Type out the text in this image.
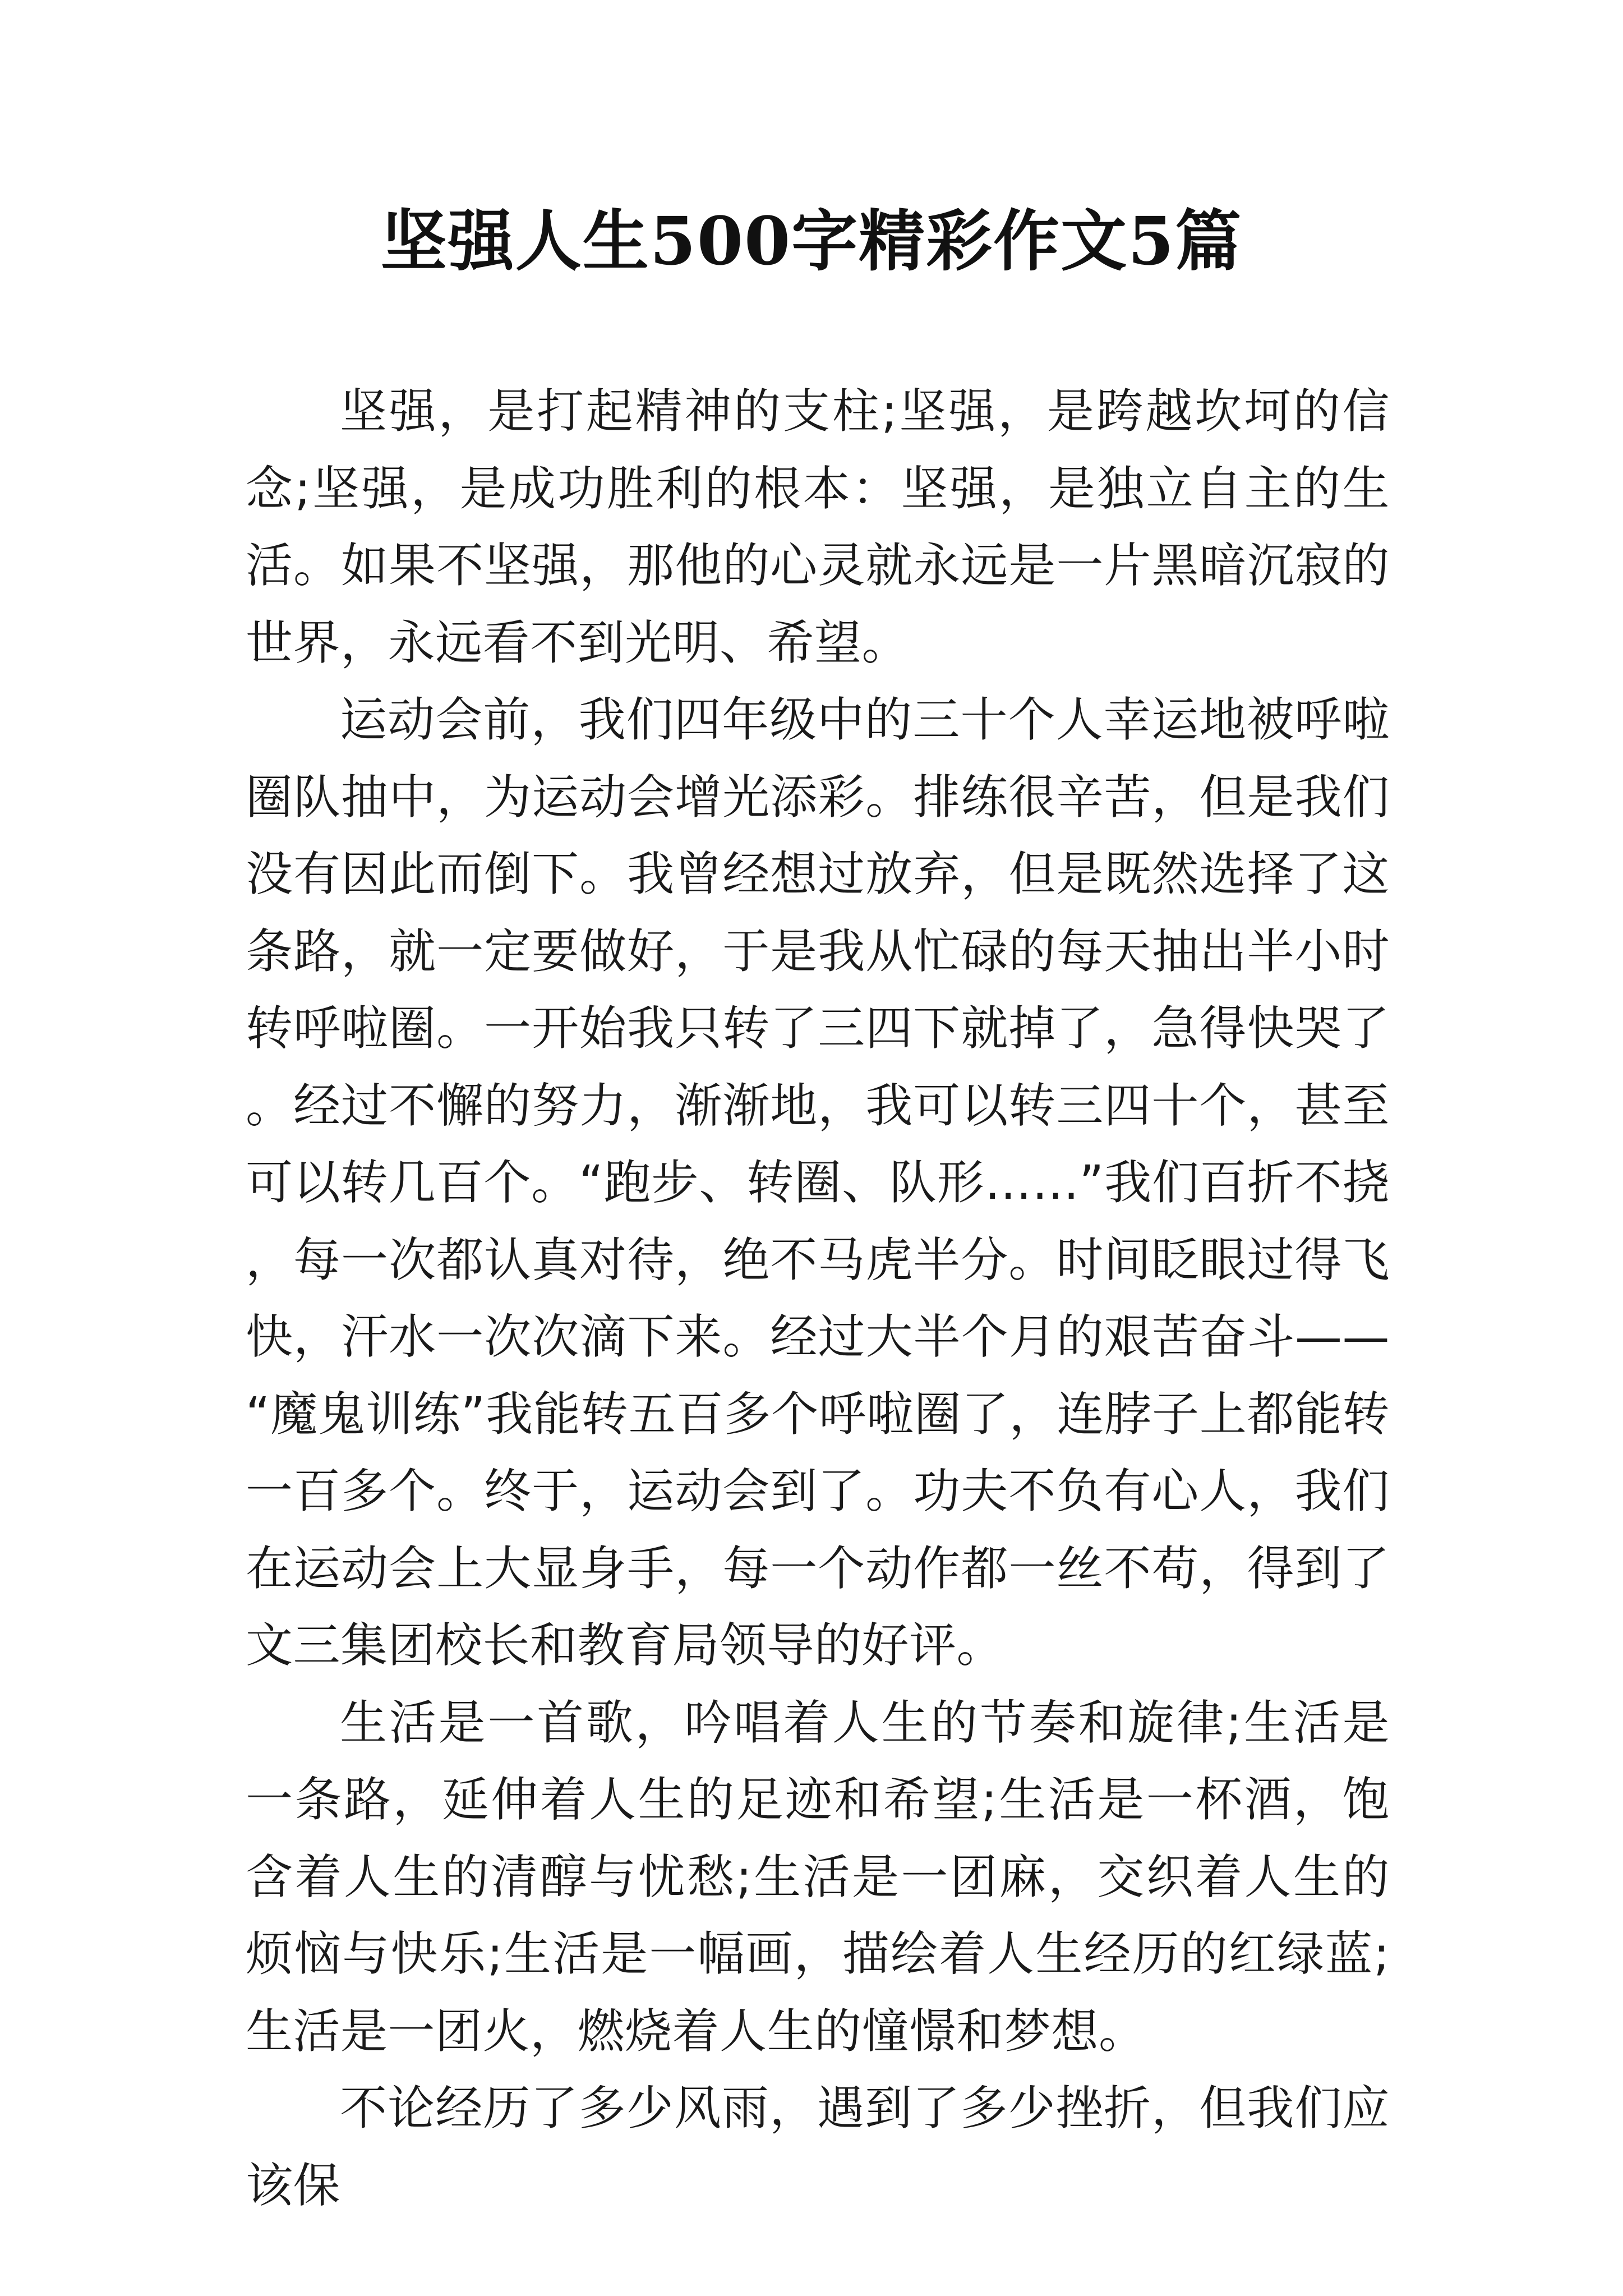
坚强人生500字精彩作文5篇

坚强，是打起精神的支柱;坚强，是跨越坎坷的信念;坚强，是成功胜利的根本：坚强，是独立自主的生活。如果不坚强，那他的心灵就永远是一片黑暗沉寂的世界，永远看不到光明、希望。

运动会前，我们四年级中的三十个人幸运地被呼啦圈队抽中，为运动会增光添彩。排练很辛苦，但是我们没有因此而倒下。我曾经想过放弃，但是既然选择了这条路，就一定要做好，于是我从忙碌的每天抽出半小时转呼啦圈。一开始我只转了三四下就掉了，急得快哭了。经过不懈的努力，渐渐地，我可以转三四十个，甚至可以转几百个。“跑步、转圈、队形……”我们百折不挠，每一次都认真对待，绝不马虎半分。时间眨眼过得飞快，汗水一次次滴下来。经过大半个月的艰苦奋斗——“魔鬼训练”我能转五百多个呼啦圈了，连脖子上都能转一百多个。终于，运动会到了。功夫不负有心人，我们在运动会上大显身手，每一个动作都一丝不苟，得到了文三集团校长和教育局领导的好评。

生活是一首歌，吟唱着人生的节奏和旋律;生活是一条路，延伸着人生的足迹和希望;生活是一杯酒，饱含着人生的清醇与忧愁;生活是一团麻，交织着人生的烦恼与快乐;生活是一幅画，描绘着人生经历的红绿蓝;生活是一团火，燃烧着人生的憧憬和梦想。

不论经历了多少风雨，遇到了多少挫折，但我们应该保
